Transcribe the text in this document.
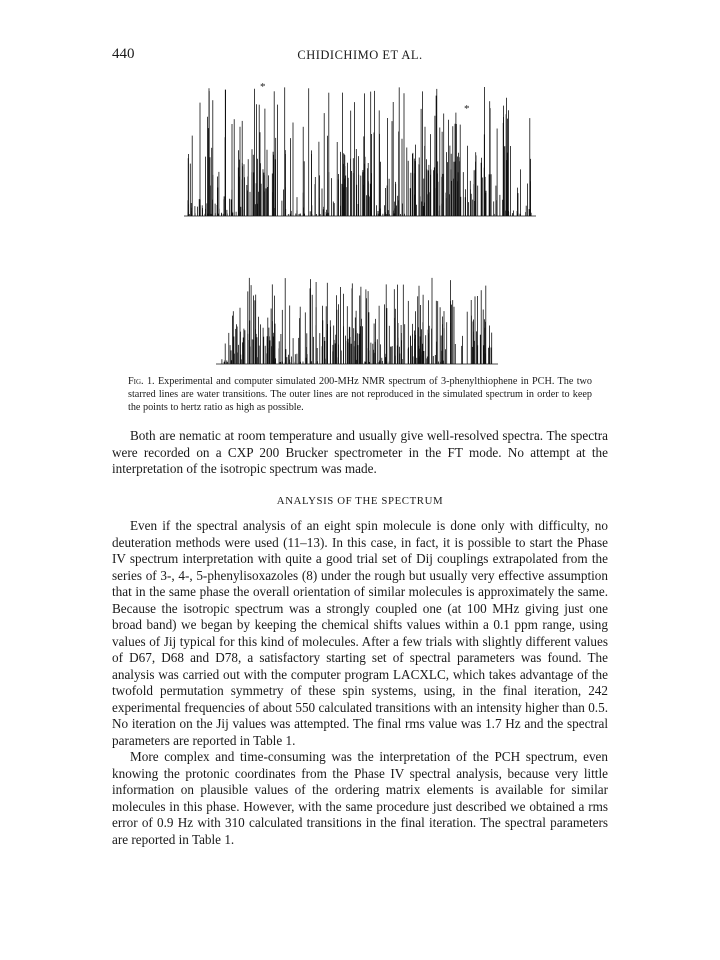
440	CHIDICHIMO ET AL.
*
*
Fig. 1. Experimental and computer simulated 200-MHz NMR spectrum of 3-phenylthiophene in PCH. The two starred lines are water transitions. The outer lines are not reproduced in the simulated spectrum in order to keep the points to hertz ratio as high as possible.

Both are nematic at room temperature and usually give well-resolved spectra. The spectra were recorded on a CXP 200 Brucker spectrometer in the FT mode. No attempt at the interpretation of the isotropic spectrum was made.

ANALYSIS OF THE SPECTRUM

Even if the spectral analysis of an eight spin molecule is done only with difficulty, no deuteration methods were used (11–13). In this case, in fact, it is possible to start the Phase IV spectrum interpretation with quite a good trial set of Dij couplings extrapolated from the series of 3-, 4-, 5-phenylisoxazoles (8) under the rough but usually very effective assumption that in the same phase the overall orientation of similar molecules is approximately the same. Because the isotropic spectrum was a strongly coupled one (at 100 MHz giving just one broad band) we began by keeping the chemical shifts values within a 0.1 ppm range, using values of Jij typical for this kind of molecules. After a few trials with slightly different values of D67, D68 and D78, a satisfactory starting set of spectral parameters was found. The analysis was carried out with the computer program LACXLC, which takes advantage of the twofold permutation symmetry of these spin systems, using, in the final iteration, 242 experimental frequencies of about 550 calculated transitions with an intensity higher than 0.5. No iteration on the Jij values was attempted. The final rms value was 1.7 Hz and the spectral parameters are reported in Table 1.

More complex and time-consuming was the interpretation of the PCH spectrum, even knowing the protonic coordinates from the Phase IV spectral analysis, because very little information on plausible values of the ordering matrix elements is available for similar molecules in this phase. However, with the same procedure just described we obtained a rms error of 0.9 Hz with 310 calculated transitions in the final iteration. The spectral parameters are reported in Table 1.
